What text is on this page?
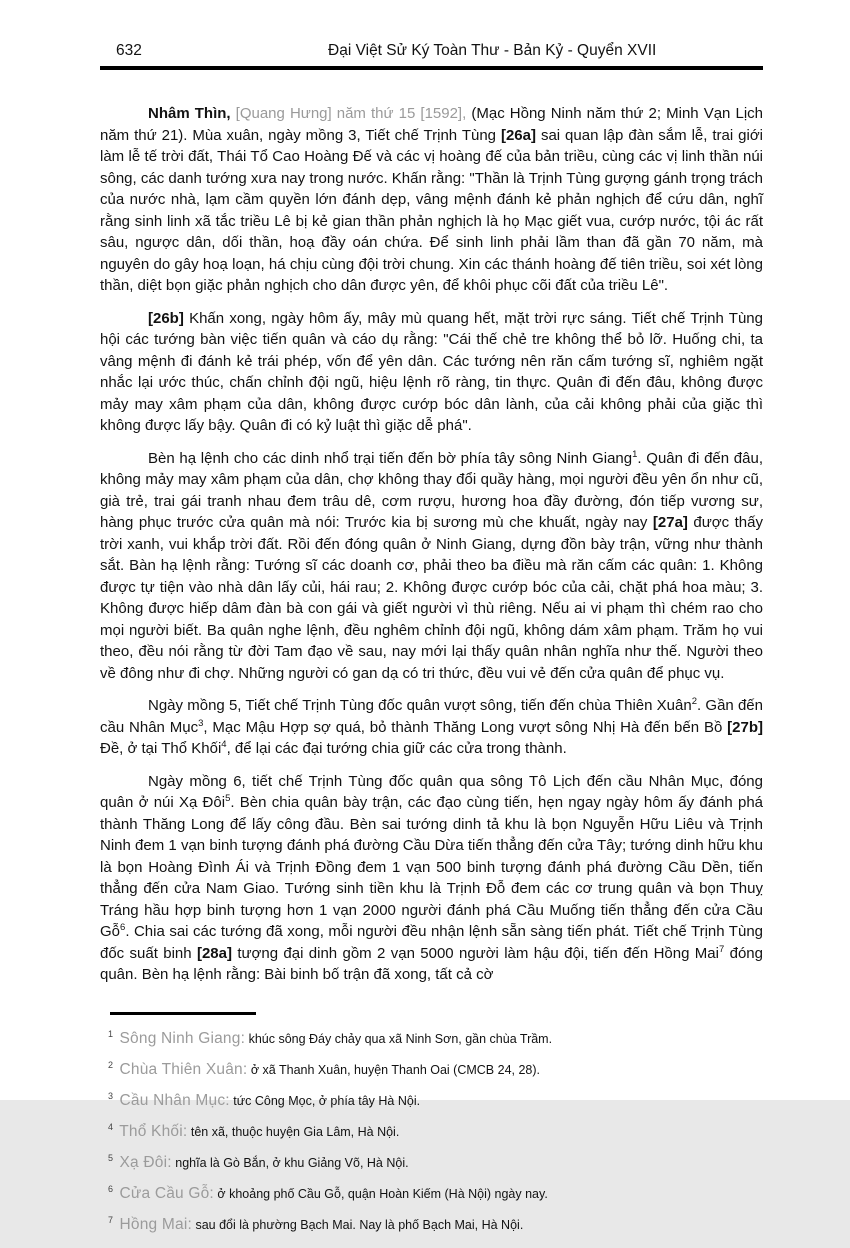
632	Đại Việt Sử Ký Toàn Thư - Bản Kỷ - Quyển XVII

Nhâm Thìn, [Quang Hưng] năm thứ 15 [1592], (Mạc Hồng Ninh năm thứ 2; Minh Vạn Lịch năm thứ 21). Mùa xuân, ngày mồng 3, Tiết chế Trịnh Tùng [26a] sai quan lập đàn sắm lễ, trai giới làm lễ tế trời đất, Thái Tổ Cao Hoàng Đế và các vị hoàng đế của bản triều, cùng các vị linh thần núi sông, các danh tướng xưa nay trong nước. Khấn rằng: "Thần là Trịnh Tùng gượng gánh trọng trách của nước nhà, lạm cầm quyền lớn đánh dẹp, vâng mệnh đánh kẻ phản nghịch để cứu dân, nghĩ rằng sinh linh xã tắc triều Lê bị kẻ gian thần phản nghịch là họ Mạc giết vua, cướp nước, tội ác rất sâu, ngược dân, dối thần, hoạ đầy oán chứa. Để sinh linh phải lầm than đã gần 70 năm, mà nguyên do gây hoạ loạn, há chịu cùng đội trời chung. Xin các thánh hoàng đế tiên triều, soi xét lòng thần, diệt bọn giặc phản nghịch cho dân được yên, để khôi phục cõi đất của triều Lê".

[26b] Khấn xong, ngày hôm ấy, mây mù quang hết, mặt trời rực sáng. Tiết chế Trịnh Tùng hội các tướng bàn việc tiến quân và cáo dụ rằng: "Cái thế chẻ tre không thể bỏ lỡ. Huống chi, ta vâng mệnh đi đánh kẻ trái phép, vốn để yên dân. Các tướng nên răn cấm tướng sĩ, nghiêm ngặt nhắc lại ước thúc, chấn chỉnh đội ngũ, hiệu lệnh rõ ràng, tin thực. Quân đi đến đâu, không được mảy may xâm phạm của dân, không được cướp bóc dân lành, của cải không phải của giặc thì không được lấy bậy. Quân đi có kỷ luật thì giặc dễ phá".

Bèn hạ lệnh cho các dinh nhổ trại tiến đến bờ phía tây sông Ninh Giang$^1$. Quân đi đến đâu, không mảy may xâm phạm của dân, chợ không thay đổi quầy hàng, mọi người đều yên ổn như cũ, già trẻ, trai gái tranh nhau đem trâu dê, cơm rượu, hương hoa đầy đường, đón tiếp vương sư, hàng phục trước cửa quân mà nói: Trước kia bị sương mù che khuất, ngày nay [27a] được thấy trời xanh, vui khắp trời đất. Rồi đến đóng quân ở Ninh Giang, dựng đồn bày trận, vững như thành sắt. Bàn hạ lệnh rằng: Tướng sĩ các doanh cơ, phải theo ba điều mà răn cấm các quân: 1. Không được tự tiện vào nhà dân lấy củi, hái rau; 2. Không được cướp bóc của cải, chặt phá hoa màu; 3. Không được hiếp dâm đàn bà con gái và giết người vì thù riêng. Nếu ai vi phạm thì chém rao cho mọi người biết. Ba quân nghe lệnh, đều nghêm chỉnh đội ngũ, không dám xâm phạm. Trăm họ vui theo, đều nói rằng từ đời Tam đạo về sau, nay mới lại thấy quân nhân nghĩa như thế. Người theo về đông như đi chợ. Những người có gan dạ có tri thức, đều vui vẻ đến cửa quân để phục vụ.

Ngày mồng 5, Tiết chế Trịnh Tùng đốc quân vượt sông, tiến đến chùa Thiên Xuân$^2$. Gần đến cầu Nhân Mục$^3$, Mạc Mậu Hợp sợ quá, bỏ thành Thăng Long vượt sông Nhị Hà đến bến Bồ [27b] Đề, ở tại Thổ Khối$^4$, để lại các đại tướng chia giữ các cửa trong thành.

Ngày mồng 6, tiết chế Trịnh Tùng đốc quân qua sông Tô Lịch đến cầu Nhân Mục, đóng quân ở núi Xạ Đôi$^5$. Bèn chia quân bày trận, các đạo cùng tiến, hẹn ngay ngày hôm ấy đánh phá thành Thăng Long để lấy công đầu. Bèn sai tướng dinh tả khu là bọn Nguyễn Hữu Liêu và Trịnh Ninh đem 1 vạn binh tượng đánh phá đường Cầu Dừa tiến thẳng đến cửa Tây; tướng dinh hữu khu là bọn Hoàng Đình Ái và Trịnh Đồng đem 1 vạn 500 binh tượng đánh phá đường Cầu Dền, tiến thẳng đến cửa Nam Giao. Tướng sinh tiền khu là Trịnh Đỗ đem các cơ trung quân và bọn Thuỵ Tráng hầu hợp binh tượng hơn 1 vạn 2000 người đánh phá Cầu Muống tiến thẳng đến cửa Cầu Gỗ$^6$. Chia sai các tướng đã xong, mỗi người đều nhận lệnh sẵn sàng tiến phát. Tiết chế Trịnh Tùng đốc suất binh [28a] tượng đại dinh gồm 2 vạn 5000 người làm hậu đội, tiến đến Hồng Mai$^7$ đóng quân. Bèn hạ lệnh rằng: Bài binh bố trận đã xong, tất cả cờ

$^1$ Sông Ninh Giang: khúc sông Đáy chảy qua xã Ninh Sơn, gần chùa Trầm.
$^2$ Chùa Thiên Xuân: ở xã Thanh Xuân, huyện Thanh Oai (CMCB 24, 28).
$^3$ Cầu Nhân Mục: tức Công Mọc, ở phía tây Hà Nội.
$^4$ Thổ Khối: tên xã, thuộc huyện Gia Lâm, Hà Nội.
$^5$ Xạ Đôi: nghĩa là Gò Bắn, ở khu Giảng Võ, Hà Nội.
$^6$ Cửa Cầu Gỗ: ở khoảng phố Cầu Gỗ, quận Hoàn Kiếm (Hà Nội) ngày nay.
$^7$ Hồng Mai: sau đổi là phường Bạch Mai. Nay là phố Bạch Mai, Hà Nội.
